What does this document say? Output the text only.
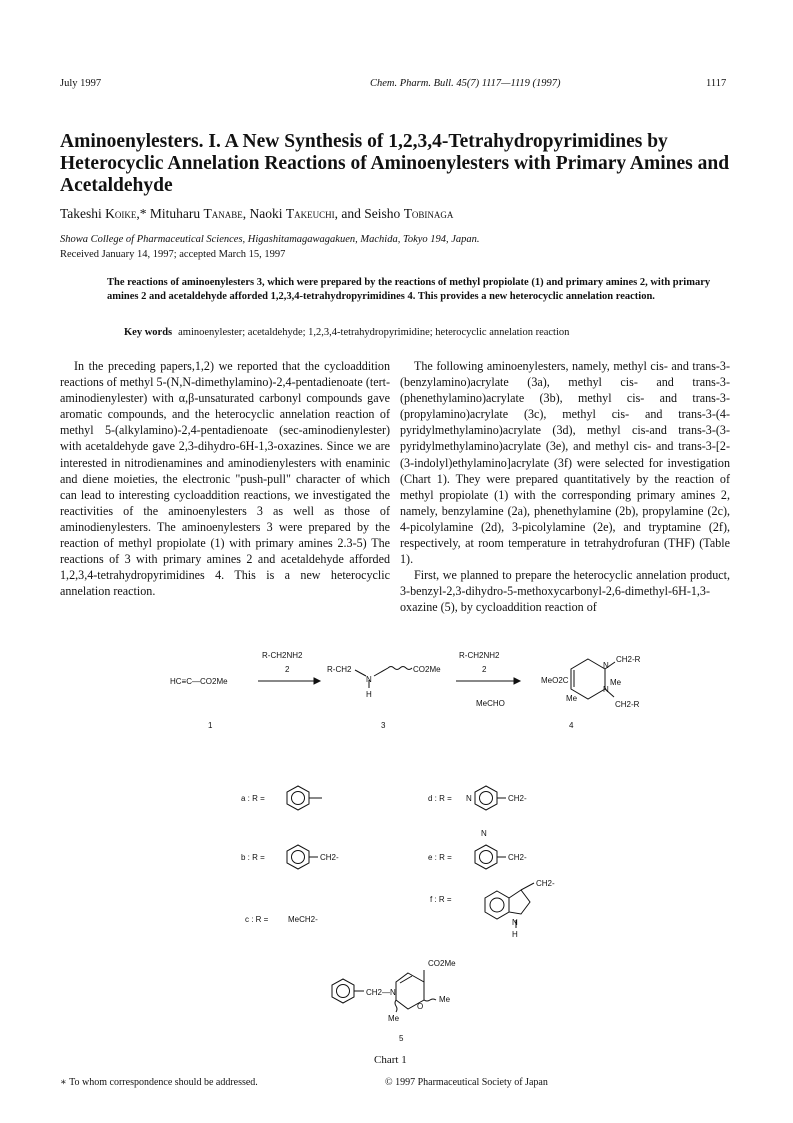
July 1997	Chem. Pharm. Bull. 45(7) 1117—1119 (1997)	1117
Aminoenylesters. I. A New Synthesis of 1,2,3,4-Tetrahydropyrimidines by Heterocyclic Annelation Reactions of Aminoenylesters with Primary Amines and Acetaldehyde
Takeshi Koike,* Mituharu Tanabe, Naoki Takeuchi, and Seisho Tobinaga
Showa College of Pharmaceutical Sciences, Higashitamagawagakuen, Machida, Tokyo 194, Japan.
Received January 14, 1997; accepted March 15, 1997
The reactions of aminoenylesters 3, which were prepared by the reactions of methyl propiolate (1) and primary amines 2, with primary amines 2 and acetaldehyde afforded 1,2,3,4-tetrahydropyrimidines 4. This provides a new heterocyclic annelation reaction.
Key words aminoenylester; acetaldehyde; 1,2,3,4-tetrahydropyrimidine; heterocyclic annelation reaction

In the preceding papers,1,2) we reported that the cycloaddition reactions of methyl 5-(N,N-dimethylamino)-2,4-pentadienoate (tert-aminodienylester) with α,β-unsaturated carbonyl compounds gave aromatic compounds, and the heterocyclic annelation reaction of methyl 5-(alkylamino)-2,4-pentadienoate (sec-aminodienylester) with acetaldehyde gave 2,3-dihydro-6H-1,3-oxazines. Since we are interested in nitrodienamines and aminodienylesters with enaminic and diene moieties, the electronic "push-pull" character of which can lead to interesting cycloaddition reactions, we investigated the reactivities of the aminoenylesters 3 as well as those of aminodienylesters. The aminoenylesters 3 were prepared by the reaction of methyl propiolate (1) with primary amines 2.3-5) The reactions of 3 with primary amines 2 and acetaldehyde afforded 1,2,3,4-tetrahydropyrimidines 4. This is a new heterocyclic annelation reaction.

The following aminoenylesters, namely, methyl cis- and trans-3-(benzylamino)acrylate (3a), methyl cis- and trans-3-(phenethylamino)acrylate (3b), methyl cis- and trans-3-(propylamino)acrylate (3c), methyl cis- and trans-3-(4-pyridylmethylamino)acrylate (3d), methyl cis-and trans-3-(3-pyridylmethylamino)acrylate (3e), and methyl cis- and trans-3-[2-(3-indolyl)ethylamino]acrylate (3f) were selected for investigation (Chart 1). They were prepared quantitatively by the reaction of methyl propiolate (1) with the corresponding primary amines 2, namely, benzylamine (2a), phenethylamine (2b), propylamine (2c), 4-picolylamine (2d), 3-picolylamine (2e), and tryptamine (2f), respectively, at room temperature in tetrahydrofuran (THF) (Table 1).

First, we planned to prepare the heterocyclic annelation product, 3-benzyl-2,3-dihydro-5-methoxycarbonyl-2,6-dimethyl-6H-1,3-oxazine (5), by cycloaddition reaction of

R-CH2NH2
2
R-CH2NH2
2
MeCHO
HC≡C—CO2Me
1
R-CH2
N
H
CO2Me
3
MeO2C
CH2-R
CH2-R
Me
Me
N
N
4
a : R =
b : R =	CH2-
c : R = MeCH2-
d : R = N	CH2-
e : R =
N
CH2-
f : R =
CH2-
N
H
CO2Me
CH2—N
O
Me
Me
5
Chart 1
∗ To whom correspondence should be addressed.	© 1997 Pharmaceutical Society of Japan
